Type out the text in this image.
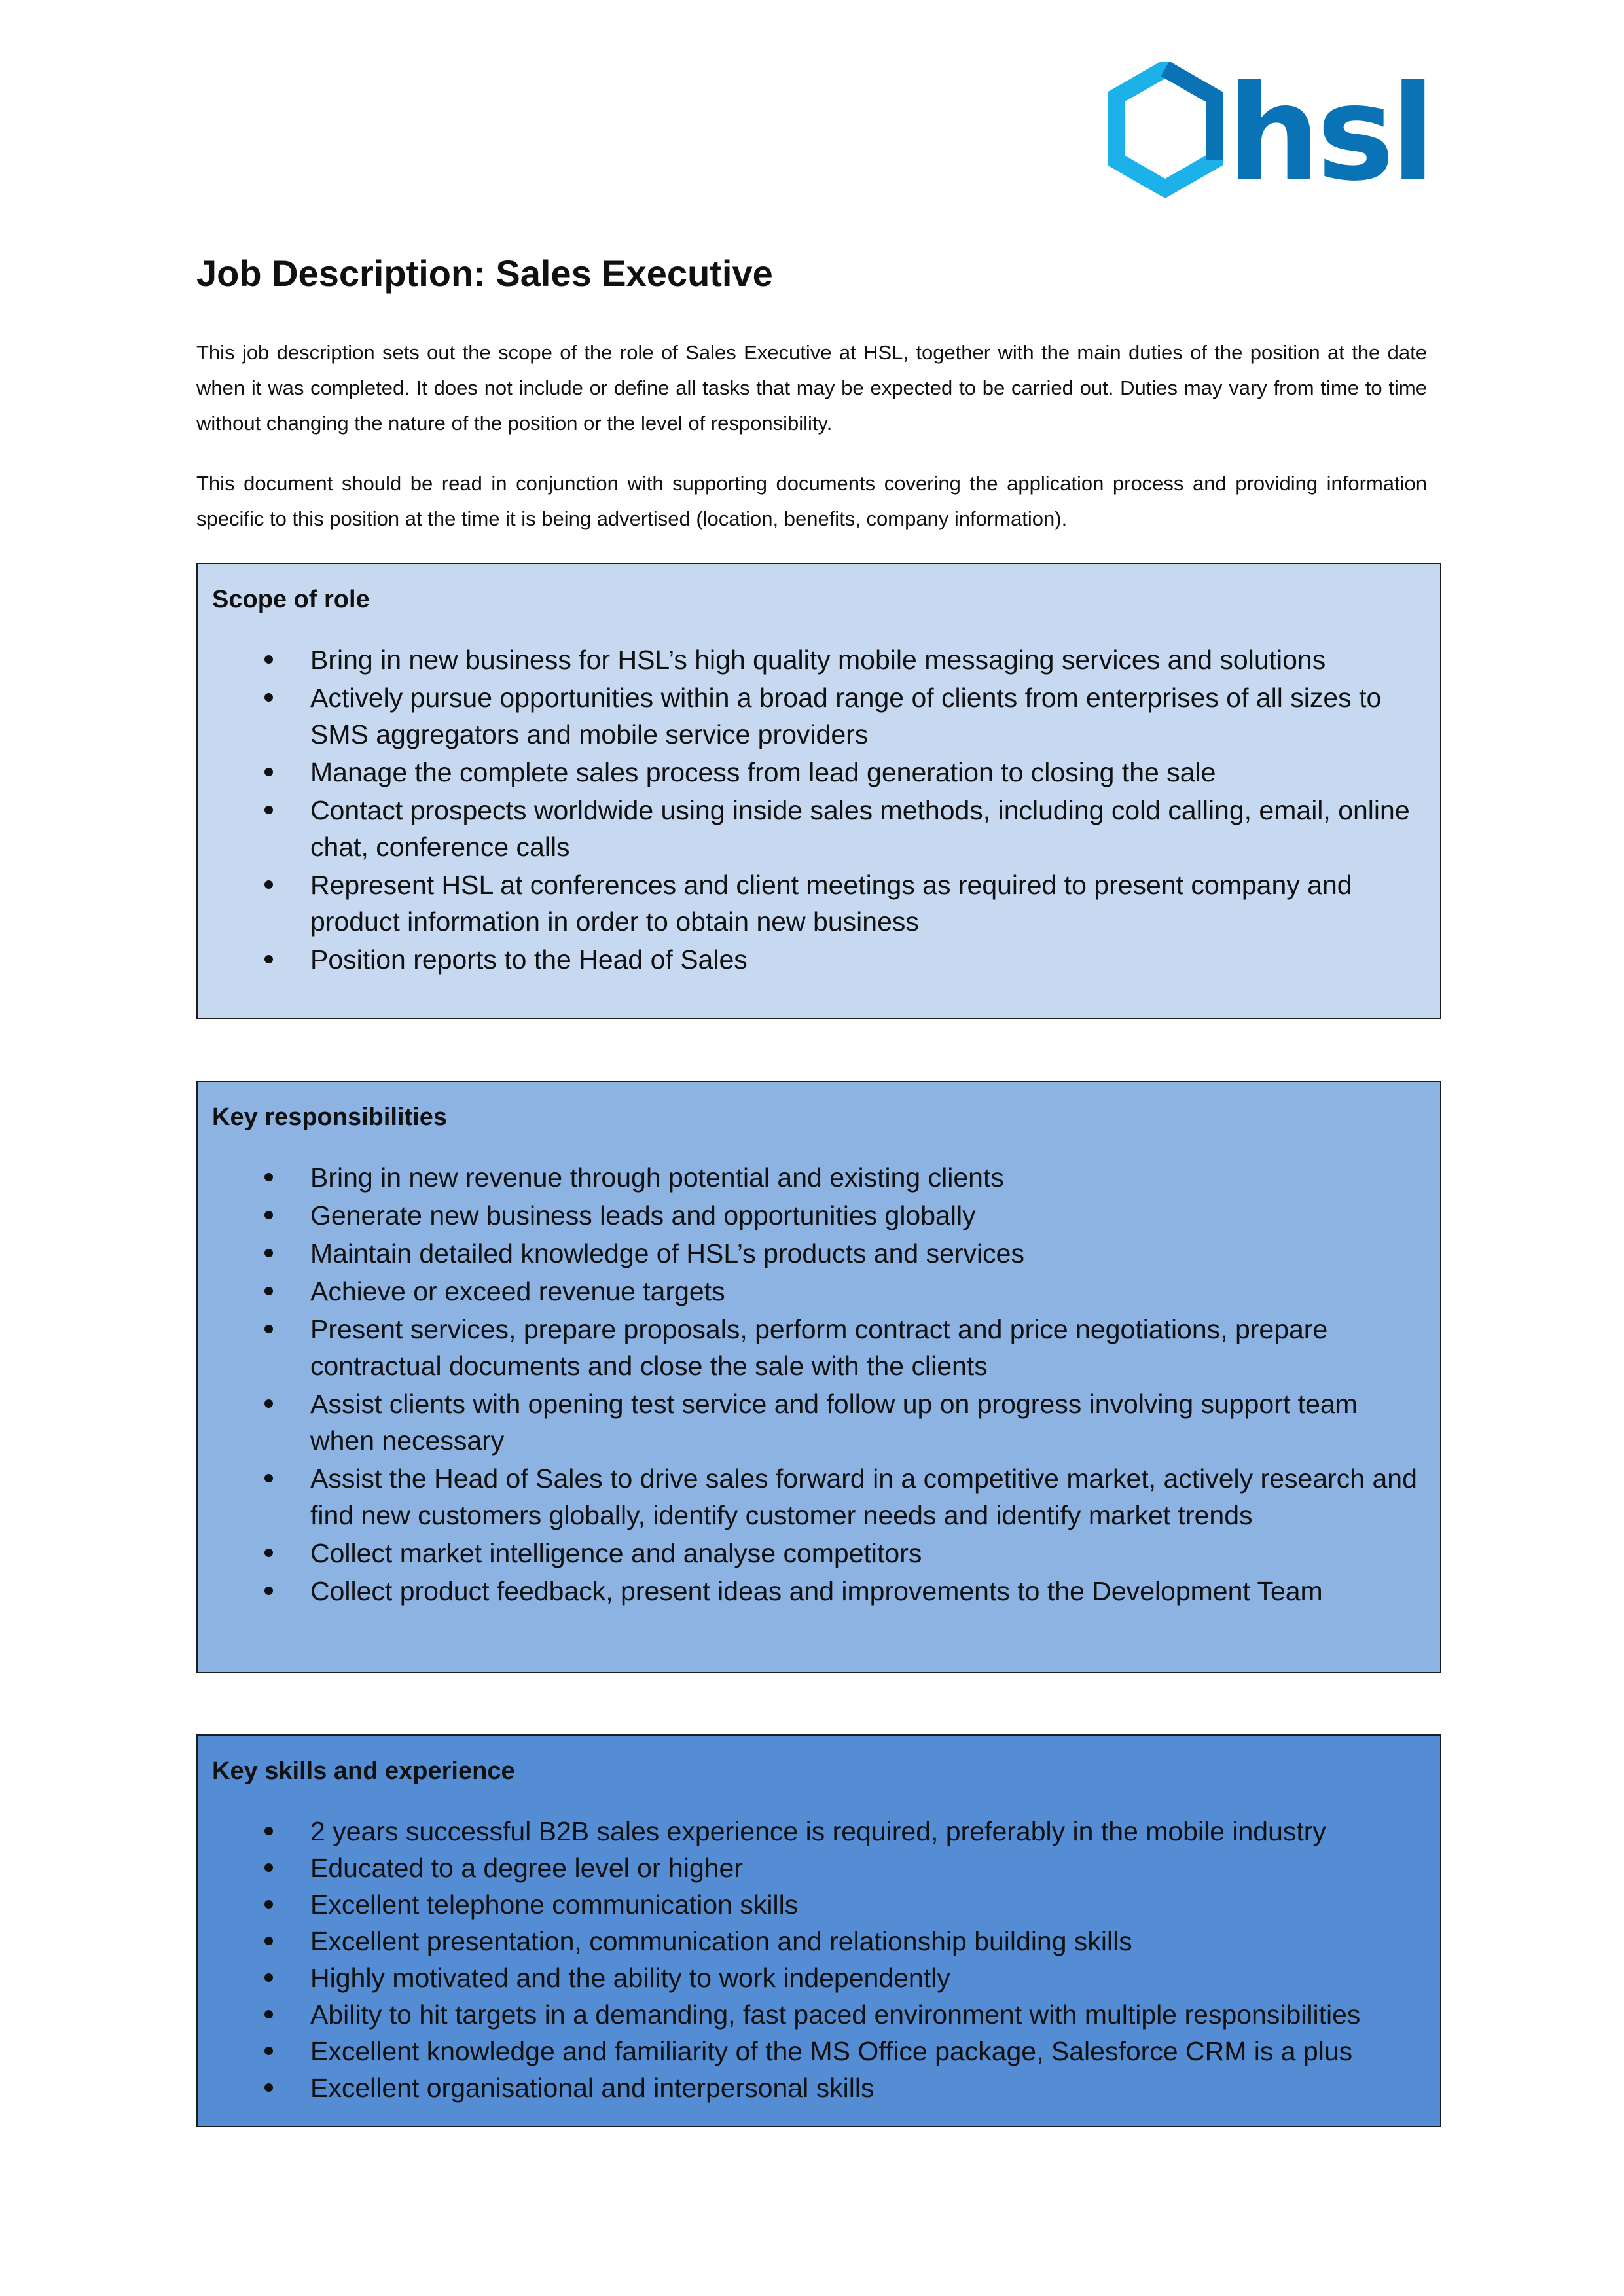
hsl
Job Description: Sales Executive

This job description sets out the scope of the role of Sales Executive at HSL, together with the main duties of the position at the date when it was completed. It does not include or define all tasks that may be expected to be carried out. Duties may vary from time to time without changing the nature of the position or the level of responsibility.

This document should be read in conjunction with supporting documents covering the application process and providing information specific to this position at the time it is being advertised (location, benefits, company information).

Scope of role
Bring in new business for HSL’s high quality mobile messaging services and solutions
Actively pursue opportunities within a broad range of clients from enterprises of all sizes to SMS aggregators and mobile service providers
Manage the complete sales process from lead generation to closing the sale
Contact prospects worldwide using inside sales methods, including cold calling, email, online chat, conference calls
Represent HSL at conferences and client meetings as required to present company and product information in order to obtain new business
Position reports to the Head of Sales
Key responsibilities
Bring in new revenue through potential and existing clients
Generate new business leads and opportunities globally
Maintain detailed knowledge of HSL’s products and services
Achieve or exceed revenue targets
Present services, prepare proposals, perform contract and price negotiations, prepare contractual documents and close the sale with the clients
Assist clients with opening test service and follow up on progress involving support team when necessary
Assist the Head of Sales to drive sales forward in a competitive market, actively research and find new customers globally, identify customer needs and identify market trends
Collect market intelligence and analyse competitors
Collect product feedback, present ideas and improvements to the Development Team
Key skills and experience
2 years successful B2B sales experience is required, preferably in the mobile industry
Educated to a degree level or higher
Excellent telephone communication skills
Excellent presentation, communication and relationship building skills
Highly motivated and the ability to work independently
Ability to hit targets in a demanding, fast paced environment with multiple responsibilities
Excellent knowledge and familiarity of the MS Office package, Salesforce CRM is a plus
Excellent organisational and interpersonal skills
